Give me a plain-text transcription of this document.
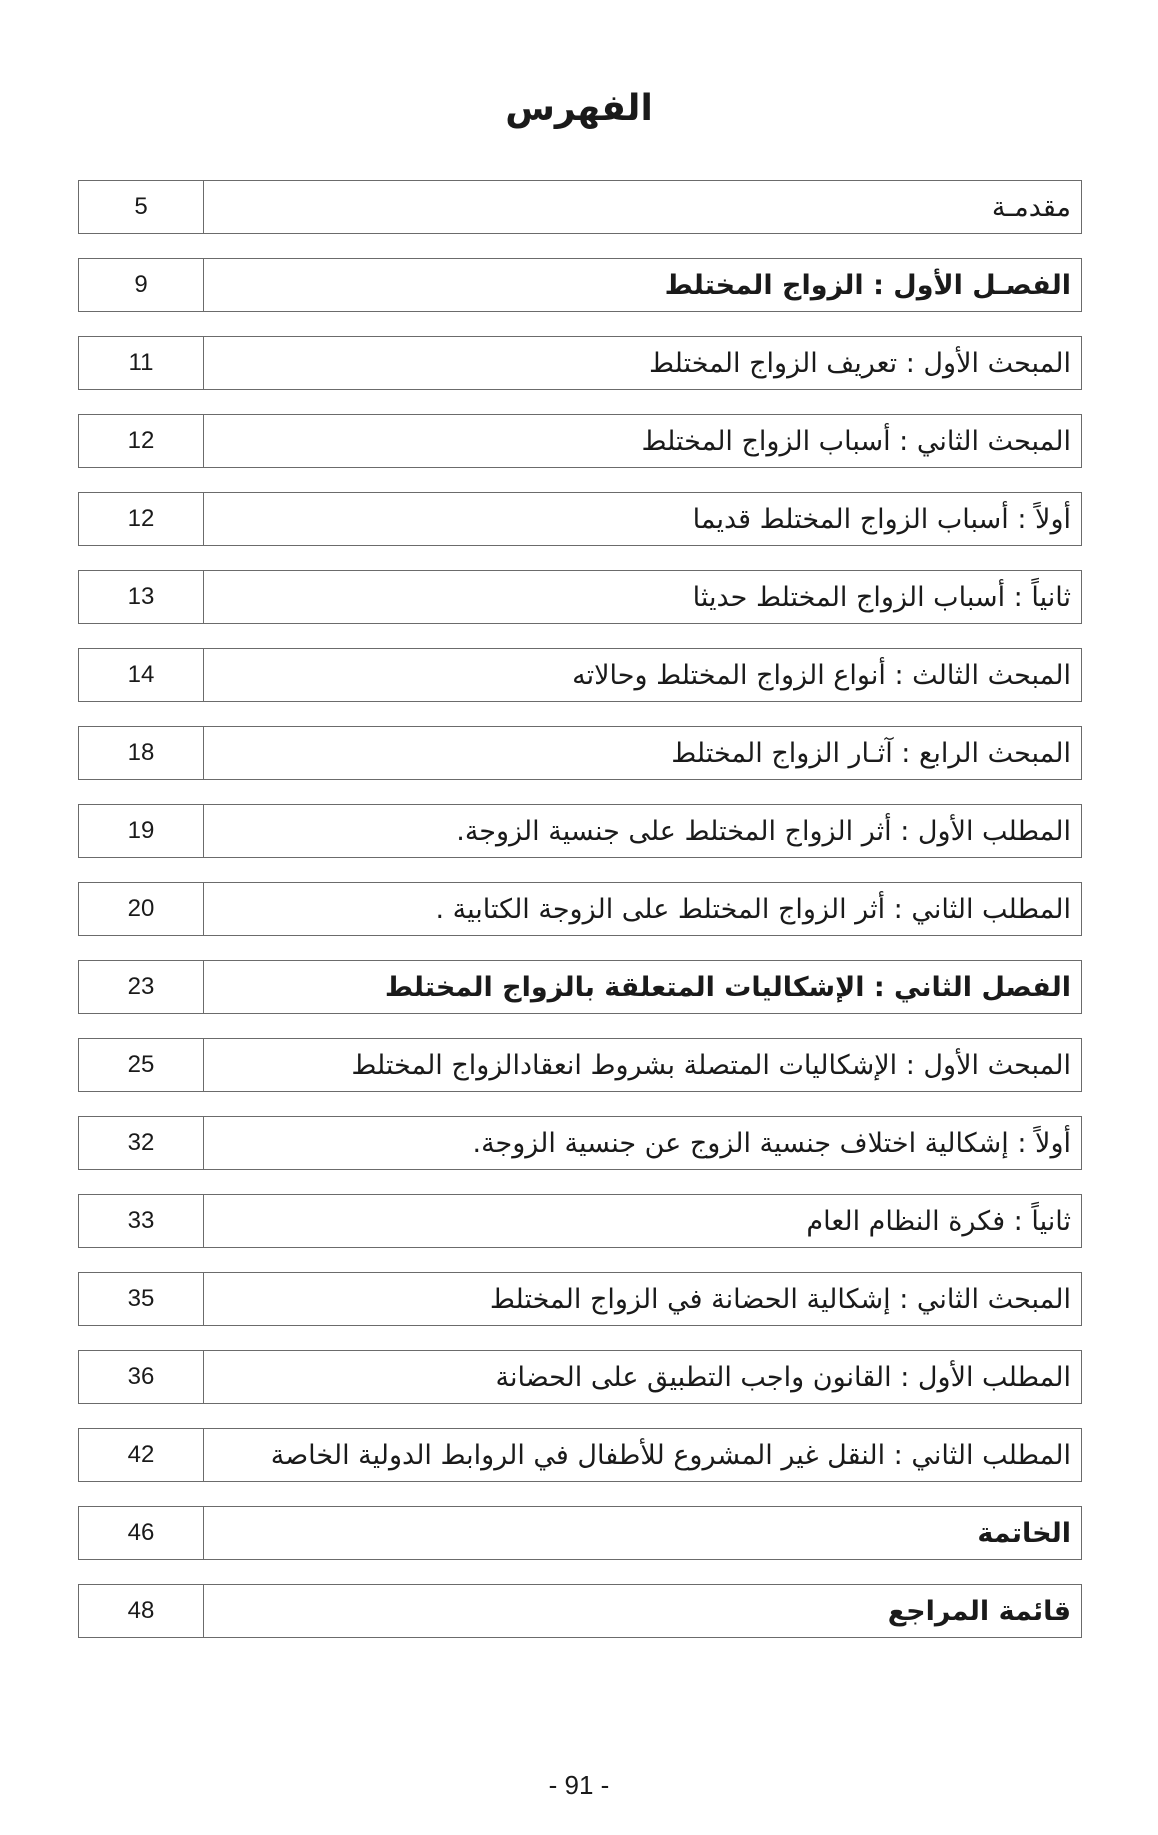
الفهرس
5	مقدمـة
9	الفصـل الأول : الزواج المختلط
11	المبحث الأول : تعريف الزواج المختلط
12	المبحث الثاني : أسباب الزواج المختلط
12	أولاً : أسباب الزواج المختلط قديما
13	ثانياً : أسباب الزواج المختلط حديثا
14	المبحث الثالث : أنواع الزواج المختلط وحالاته
18	المبحث الرابع : آثـار الزواج المختلط
19	المطلب الأول : أثر الزواج المختلط على جنسية الزوجة.
20	المطلب الثاني : أثر الزواج المختلط على الزوجة الكتابية .
23	الفصل الثاني : الإشكاليات المتعلقة بالزواج المختلط
25	المبحث الأول : الإشكاليات المتصلة بشروط انعقادالزواج المختلط
32	أولاً : إشكالية اختلاف جنسية الزوج عن جنسية الزوجة.
33	ثانياً : فكرة النظام العام
35	المبحث الثاني : إشكالية الحضانة في الزواج المختلط
36	المطلب الأول : القانون واجب التطبيق على الحضانة
42	المطلب الثاني : النقل غير المشروع للأطفال في الروابط الدولية الخاصة
46	الخاتمة
48	قائمة المراجع
- 91 -
